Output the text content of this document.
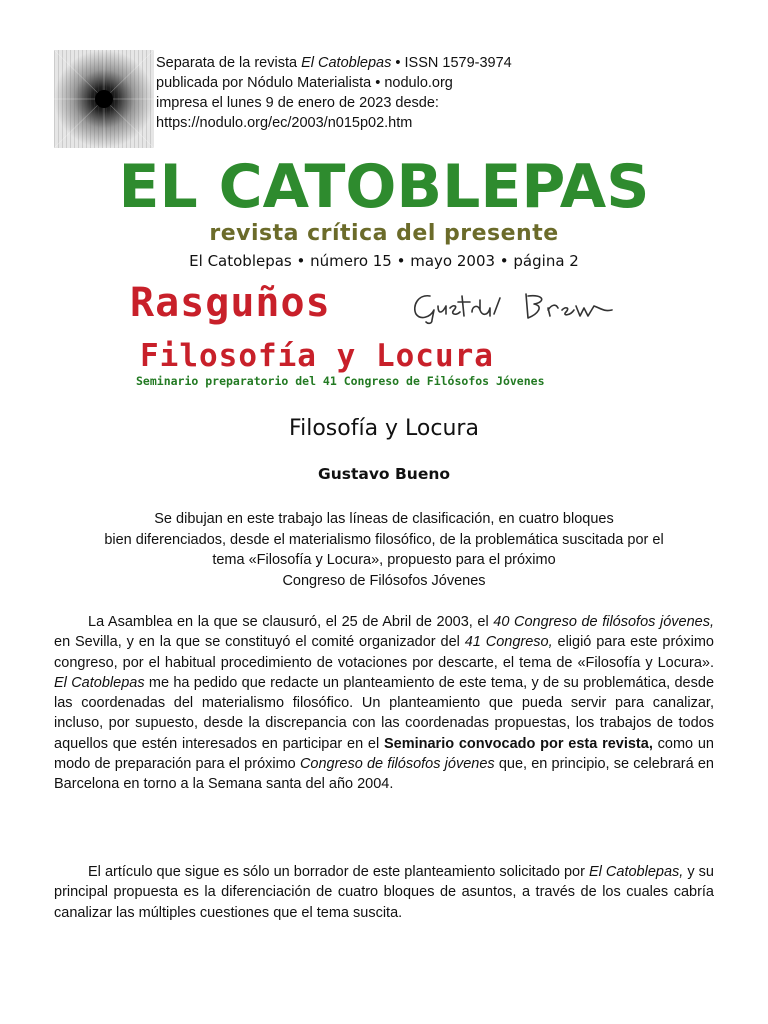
Separata de la revista El Catoblepas • ISSN 1579-3974
publicada por Nódulo Materialista • nodulo.org
impresa el lunes 9 de enero de 2023 desde:
https://nodulo.org/ec/2003/n015p02.htm
EL CATOBLEPAS
revista crítica del presente
El Catoblepas • número 15 • mayo 2003 • página 2
Rasguños
Filosofía y Locura
Seminario preparatorio del 41 Congreso de Filósofos Jóvenes
Filosofía y Locura
Gustavo Bueno
Se dibujan en este trabajo las líneas de clasificación, en cuatro bloques
bien diferenciados, desde el materialismo filosófico, de la problemática suscitada por el
tema «Filosofía y Locura», propuesto para el próximo
Congreso de Filósofos Jóvenes

La Asamblea en la que se clausuró, el 25 de Abril de 2003, el 40 Congreso de filósofos jóvenes, en Sevilla, y en la que se constituyó el comité organizador del 41 Congreso, eligió para este próximo congreso, por el habitual procedimiento de votaciones por descarte, el tema de «Filosofía y Locura». El Catoblepas me ha pedido que redacte un planteamiento de este tema, y de su problemática, desde las coordenadas del materialismo filosófico. Un planteamiento que pueda servir para canalizar, incluso, por supuesto, desde la discrepancia con las coordenadas propuestas, los trabajos de todos aquellos que estén interesados en participar en el Seminario convocado por esta revista, como un modo de preparación para el próximo Congreso de filósofos jóvenes que, en principio, se celebrará en Barcelona en torno a la Semana santa del año 2004.

El artículo que sigue es sólo un borrador de este planteamiento solicitado por El Catoblepas, y su principal propuesta es la diferenciación de cuatro bloques de asuntos, a través de los cuales cabría canalizar las múltiples cuestiones que el tema suscita.
